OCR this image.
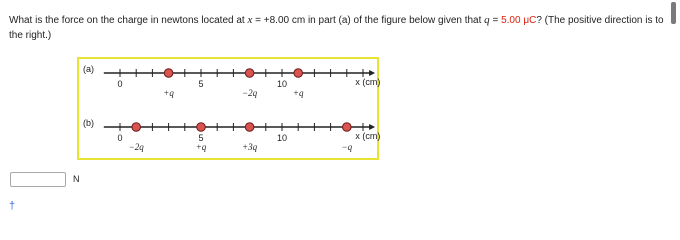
What is the force on the charge in newtons located at x = +8.00 cm in part (a) of the figure below given that q = 5.00 μC? (The positive direction is to the right.)
(a)
0	5	10	x (cm)
+q	−2q	+q
(b)
0	5	10	x (cm)
−2q	+q	+3q	−q
N
†
